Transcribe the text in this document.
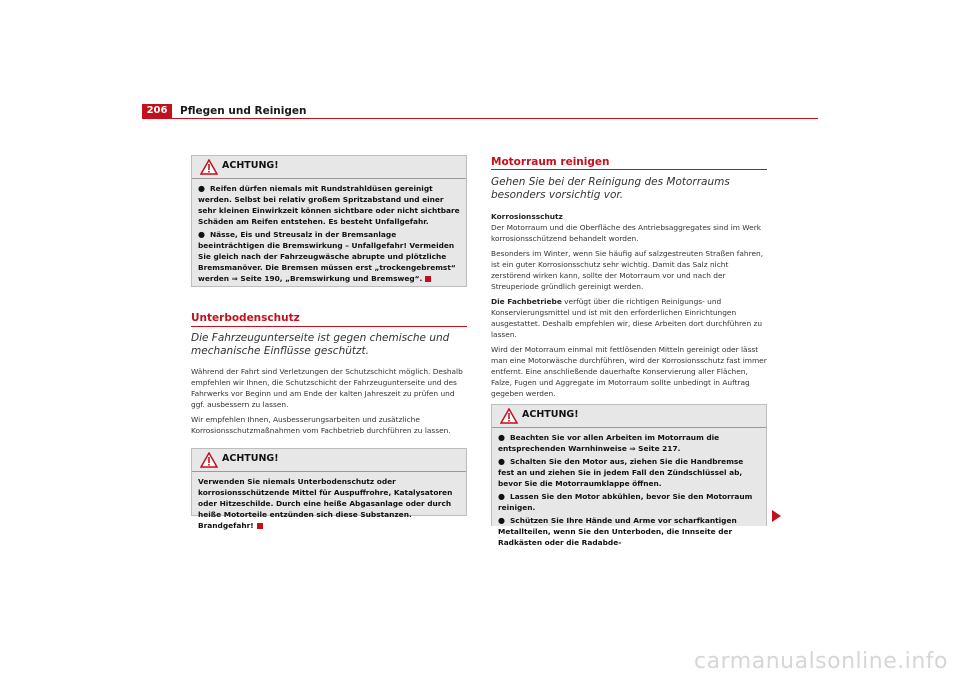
206	Pflegen und Reinigen
ACHTUNG!
● Reifen dürfen niemals mit Rundstrahldüsen gereinigt werden. Selbst bei relativ großem Spritzabstand und einer sehr kleinen Einwirkzeit können sichtbare oder nicht sichtbare Schäden am Reifen entstehen. Es besteht Unfallgefahr.
● Nässe, Eis und Streusalz in der Bremsanlage beeinträchtigen die Bremswirkung – Unfallgefahr! Vermeiden Sie gleich nach der Fahrzeugwäsche abrupte und plötzliche Bremsmanöver. Die Bremsen müssen erst „trockengebremst“ werden ⇒ Seite 190, „Bremswirkung und Bremsweg“.
Unterbodenschutz
Die Fahrzeugunterseite ist gegen chemische und mechanische Einflüsse geschützt.

Während der Fahrt sind Verletzungen der Schutzschicht möglich. Deshalb empfehlen wir Ihnen, die Schutzschicht der Fahrzeugunterseite und des Fahrwerks vor Beginn und am Ende der kalten Jahreszeit zu prüfen und ggf. ausbessern zu lassen.

Wir empfehlen Ihnen, Ausbesserungsarbeiten und zusätzliche Korrosionsschutzmaßnahmen vom Fachbetrieb durchführen zu lassen.

ACHTUNG!
Verwenden Sie niemals Unterbodenschutz oder korrosionsschützende Mittel für Auspuffrohre, Katalysatoren oder Hitzeschilde. Durch eine heiße Abgasanlage oder durch heiße Motorteile entzünden sich diese Substanzen. Brandgefahr!
Motorraum reinigen
Gehen Sie bei der Reinigung des Motorraums besonders vorsichtig vor.

Korrosionsschutz

Der Motorraum und die Oberfläche des Antriebsaggregates sind im Werk korrosionsschützend behandelt worden.

Besonders im Winter, wenn Sie häufig auf salzgestreuten Straßen fahren, ist ein guter Korrosionsschutz sehr wichtig. Damit das Salz nicht zerstörend wirken kann, sollte der Motorraum vor und nach der Streuperiode gründlich gereinigt werden.

Die Fachbetriebe verfügt über die richtigen Reinigungs- und Konservierungsmittel und ist mit den erforderlichen Einrichtungen ausgestattet. Deshalb empfehlen wir, diese Arbeiten dort durchführen zu lassen.

Wird der Motorraum einmal mit fettlösenden Mitteln gereinigt oder lässt man eine Motorwäsche durchführen, wird der Korrosionsschutz fast immer entfernt. Eine anschließende dauerhafte Konservierung aller Flächen, Falze, Fugen und Aggregate im Motorraum sollte unbedingt in Auftrag gegeben werden.

ACHTUNG!
● Beachten Sie vor allen Arbeiten im Motorraum die entsprechenden Warnhinweise ⇒ Seite 217.
● Schalten Sie den Motor aus, ziehen Sie die Handbremse fest an und ziehen Sie in jedem Fall den Zündschlüssel ab, bevor Sie die Motorraumklappe öffnen.
● Lassen Sie den Motor abkühlen, bevor Sie den Motorraum reinigen.
● Schützen Sie Ihre Hände und Arme vor scharfkantigen Metallteilen, wenn Sie den Unterboden, die Innseite der Radkästen oder die Radabde-
carmanualsonline.info
